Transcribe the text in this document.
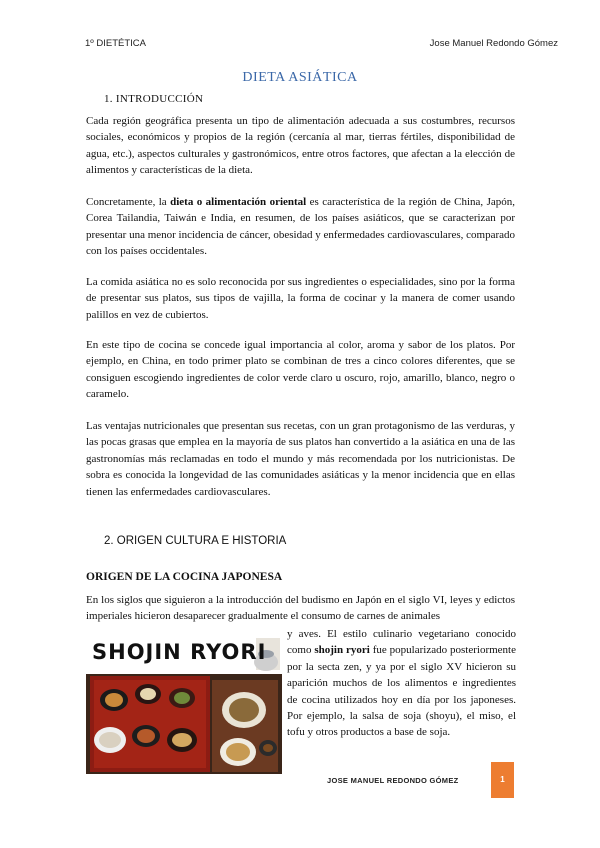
1º DIETÉTICA	Jose Manuel Redondo Gómez
DIETA ASIÁTICA
1. INTRODUCCIÓN

Cada región geográfica presenta un tipo de alimentación adecuada a sus costumbres, recursos sociales, económicos y propios de la región (cercanía al mar, tierras fértiles, disponibilidad de agua, etc.), aspectos culturales y gastronómicos, entre otros factores, que afectan a la elección de alimentos y características de la dieta.

Concretamente, la dieta o alimentación oriental es característica de la región de China, Japón, Corea Tailandia, Taiwán e India, en resumen, de los países asiáticos, que se caracterizan por presentar una menor incidencia de cáncer, obesidad y enfermedades cardiovasculares, comparado con los países occidentales.

La comida asiática no es solo reconocida por sus ingredientes o especialidades, sino por la forma de presentar sus platos, sus tipos de vajilla, la forma de cocinar y la manera de comer usando palillos en vez de cubiertos.

En este tipo de cocina se concede igual importancia al color, aroma y sabor de los platos. Por ejemplo, en China, en todo primer plato se combinan de tres a cinco colores diferentes, que se consiguen escogiendo ingredientes de color verde claro u oscuro, rojo, amarillo, blanco, negro o caramelo.

Las ventajas nutricionales que presentan sus recetas, con un gran protagonismo de las verduras, y las pocas grasas que emplea en la mayoría de sus platos han convertido a la asiática en una de las gastronomías más reclamadas en todo el mundo y más recomendada por los nutricionistas. De sobra es conocida la longevidad de las comunidades asiáticas y la menor incidencia que en ellas tienen las enfermedades cardiovasculares.

2. ORIGEN CULTURA E HISTORIA
ORIGEN DE LA COCINA JAPONESA

En los siglos que siguieron a la introducción del budismo en Japón en el siglo VI, leyes y edictos imperiales hicieron desaparecer gradualmente el consumo de carnes de animales

SHOJIN RYORI

y aves. El estilo culinario vegetariano conocido como shojin ryori fue popularizado posteriormente por la secta zen, y ya por el siglo XV hicieron su aparición muchos de los alimentos e ingredientes de cocina utilizados hoy en día por los japoneses. Por ejemplo, la salsa de soja (shoyu), el miso, el tofu y otros productos a base de soja.

JOSE MANUEL REDONDO GÓMEZ	1
